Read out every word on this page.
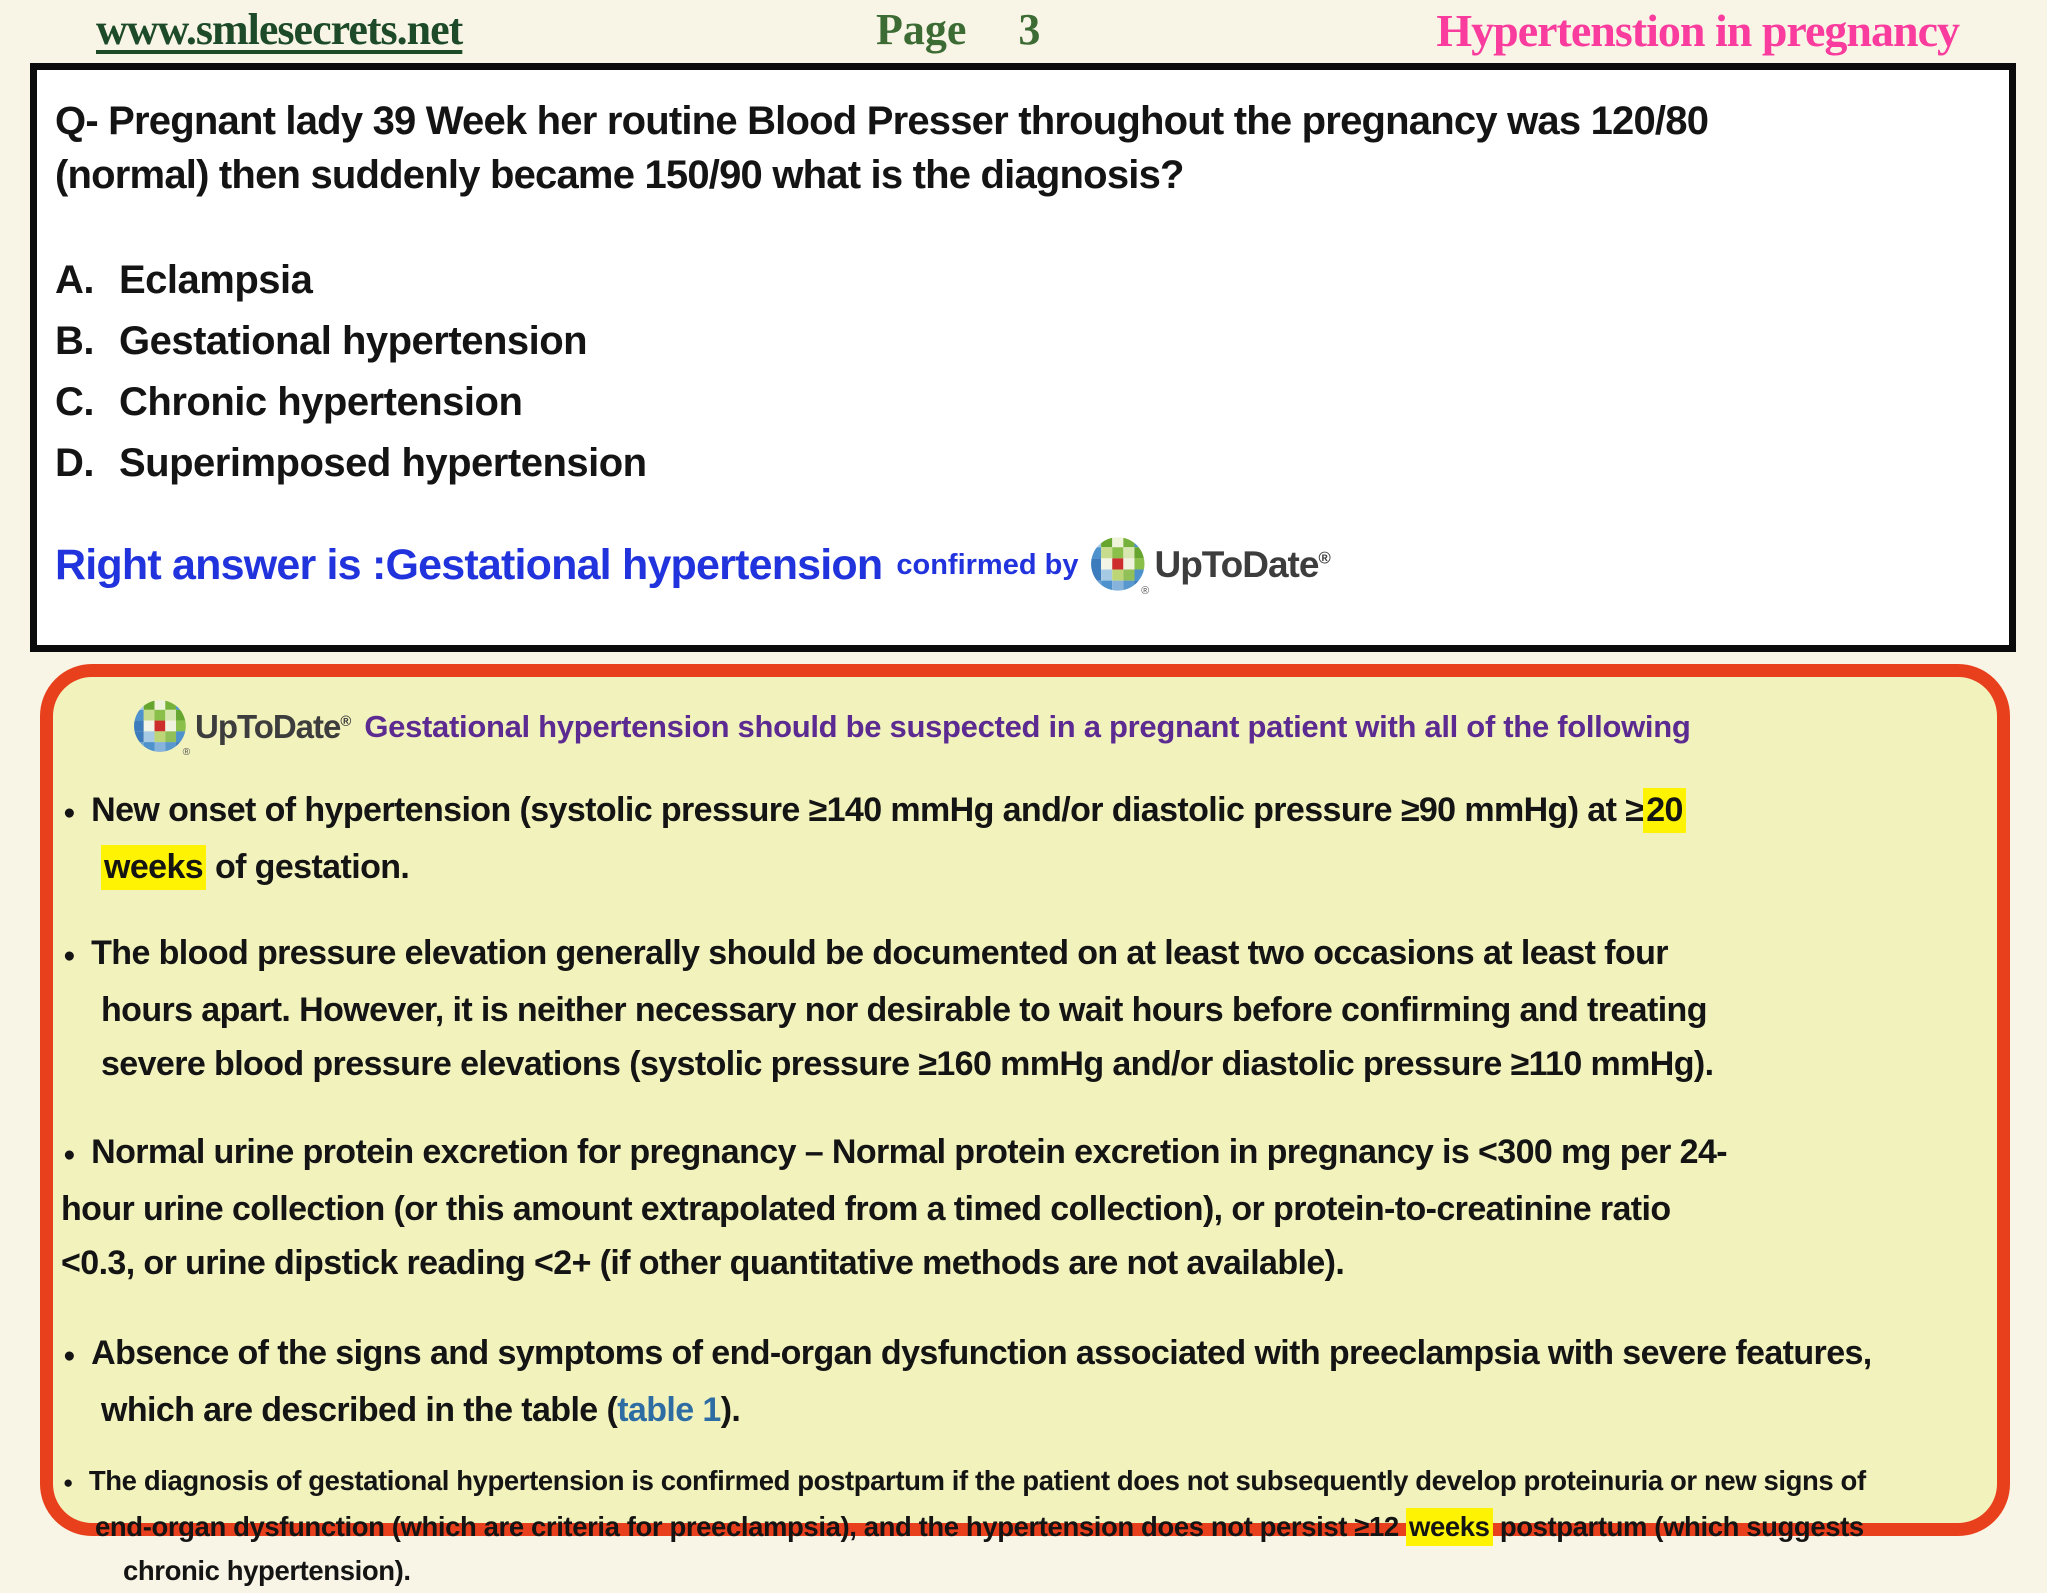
www.smlesecrets.net	Page 3	Hypertenstion in pregnancy
Q- Pregnant lady 39 Week her routine Blood Presser throughout the pregnancy was 120/80
(normal) then suddenly became 150/90 what is the diagnosis?
A. Eclampsia
B. Gestational hypertension
C. Chronic hypertension
D. Superimposed hypertension
Right answer is :Gestational hypertension confirmed by
®
UpToDate®
®
UpToDate® Gestational hypertension should be suspected in a pregnant patient with all of the following
● New onset of hypertension (systolic pressure ≥140 mmHg and/or diastolic pressure ≥90 mmHg) at ≥20
weeks of gestation.
● The blood pressure elevation generally should be documented on at least two occasions at least four
hours apart. However, it is neither necessary nor desirable to wait hours before confirming and treating
severe blood pressure elevations (systolic pressure ≥160 mmHg and/or diastolic pressure ≥110 mmHg).
● Normal urine protein excretion for pregnancy – Normal protein excretion in pregnancy is <300 mg per 24-
hour urine collection (or this amount extrapolated from a timed collection), or protein-to-creatinine ratio
<0.3, or urine dipstick reading <2+ (if other quantitative methods are not available).
● Absence of the signs and symptoms of end-organ dysfunction associated with preeclampsia with severe features,
which are described in the table (table 1).
● The diagnosis of gestational hypertension is confirmed postpartum if the patient does not subsequently develop proteinuria or new signs of
end-organ dysfunction (which are criteria for preeclampsia), and the hypertension does not persist ≥12 weeks postpartum (which suggests
chronic hypertension).
